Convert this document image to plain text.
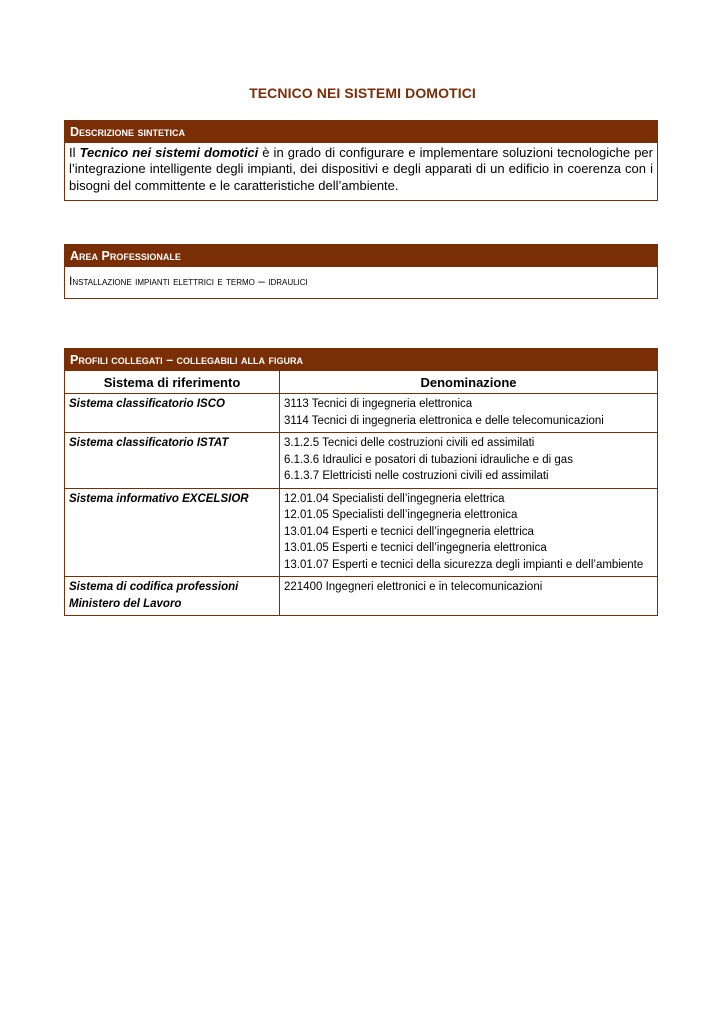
TECNICO NEI SISTEMI DOMOTICI
Descrizione sintetica
Il Tecnico nei sistemi domotici è in grado di configurare e implementare soluzioni tecnologiche per l’integrazione intelligente degli impianti, dei dispositivi e degli apparati di un edificio in coerenza con i bisogni del committente e le caratteristiche dell’ambiente.
Area Professionale
Installazione impianti elettrici e termo – idraulici
Profili collegati – collegabili alla figura
Sistema di riferimento	Denominazione
Sistema classificatorio ISCO	3113 Tecnici di ingegneria elettronica
3114 Tecnici di ingegneria elettronica e delle telecomunicazioni

Sistema classificatorio ISTAT	3.1.2.5 Tecnici delle costruzioni civili ed assimilati
6.1.3.6 Idraulici e posatori di tubazioni idrauliche e di gas
6.1.3.7 Elettricisti nelle costruzioni civili ed assimilati

Sistema informativo EXCELSIOR	12.01.04 Specialisti dell’ingegneria elettrica
12.01.05 Specialisti dell’ingegneria elettronica
13.01.04 Esperti e tecnici dell’ingegneria elettrica
13.01.05 Esperti e tecnici dell’ingegneria elettronica
13.01.07 Esperti e tecnici della sicurezza degli impianti e dell’ambiente

Sistema di codifica professioni Ministero del Lavoro	221400 Ingegneri elettronici e in telecomunicazioni
